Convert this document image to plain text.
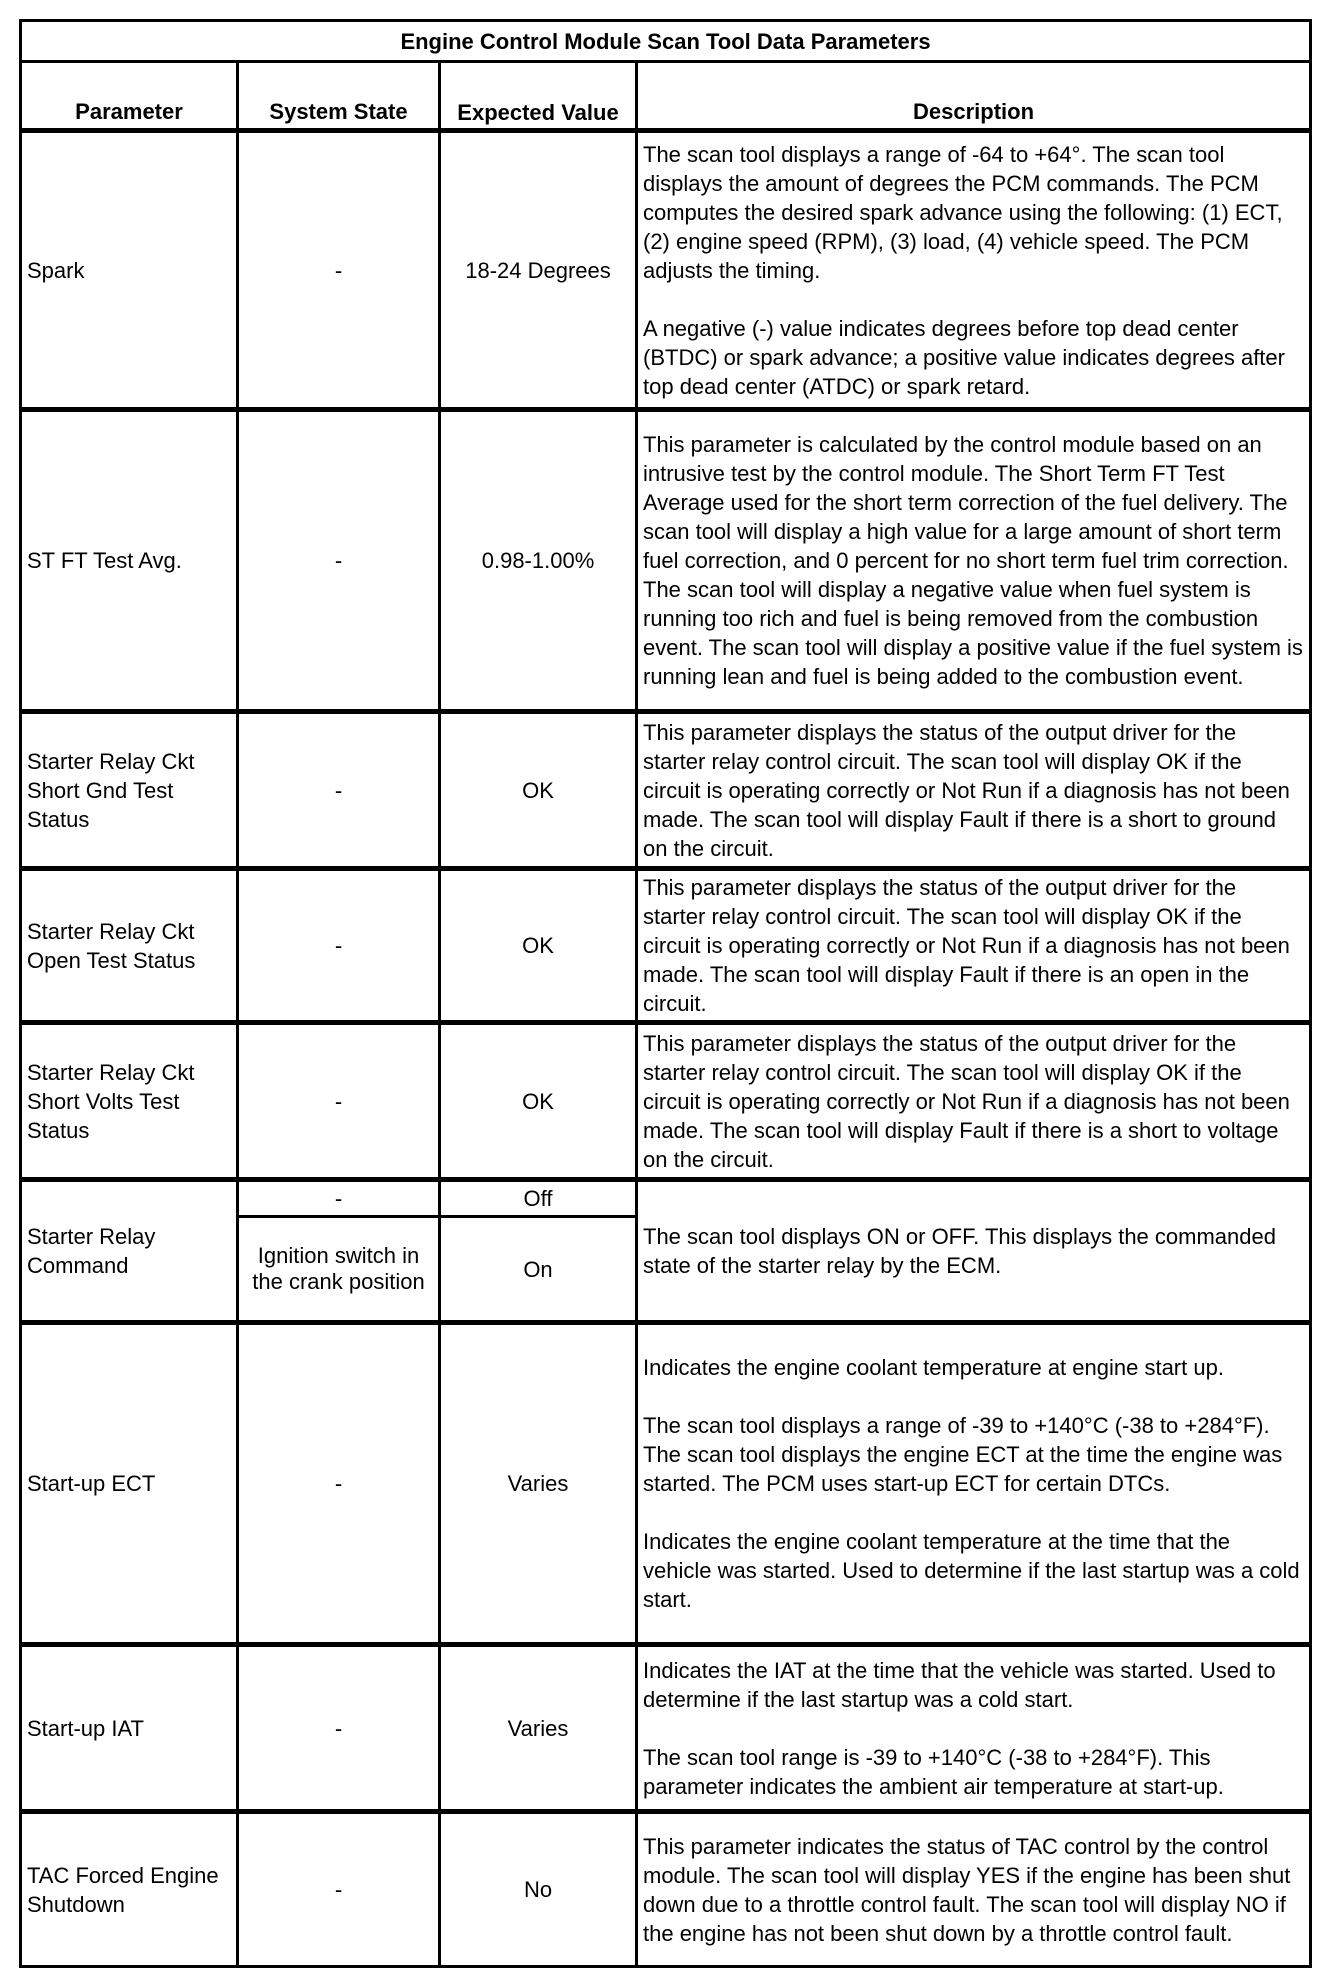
Engine Control Module Scan Tool Data Parameters			
Parameter	System State	Expected Value	Description
Spark	-	18-24 Degrees	The scan tool displays a range of -64 to +64°. The scan tool displays the amount of degrees the PCM commands. The PCM computes the desired spark advance using the following: (1) ECT, (2) engine speed (RPM), (3) load, (4) vehicle speed. The PCM adjusts the timing.

A negative (-) value indicates degrees before top dead center (BTDC) or spark advance; a positive value indicates degrees after top dead center (ATDC) or spark retard.

ST FT Test Avg.	-	0.98-1.00%	This parameter is calculated by the control module based on an intrusive test by the control module. The Short Term FT Test Average used for the short term correction of the fuel delivery. The scan tool will display a high value for a large amount of short term fuel correction, and 0 percent for no short term fuel trim correction. The scan tool will display a negative value when fuel system is running too rich and fuel is being removed from the combustion event. The scan tool will display a positive value if the fuel system is running lean and fuel is being added to the combustion event.

Starter Relay Ckt Short Gnd Test Status	-	OK	This parameter displays the status of the output driver for the starter relay control circuit. The scan tool will display OK if the circuit is operating correctly or Not Run if a diagnosis has not been made. The scan tool will display Fault if there is a short to ground on the circuit.

Starter Relay Ckt Open Test Status	-	OK	This parameter displays the status of the output driver for the starter relay control circuit. The scan tool will display OK if the circuit is operating correctly or Not Run if a diagnosis has not been made. The scan tool will display Fault if there is an open in the circuit.

Starter Relay Ckt Short Volts Test Status	-	OK	This parameter displays the status of the output driver for the starter relay control circuit. The scan tool will display OK if the circuit is operating correctly or Not Run if a diagnosis has not been made. The scan tool will display Fault if there is a short to voltage on the circuit.

Starter Relay Command	-	Off	The scan tool displays ON or OFF. This displays the commanded state of the starter relay by the ECM.

	Ignition switch in the crank position	On	
Start-up ECT	-	Varies	Indicates the engine coolant temperature at engine start up.

The scan tool displays a range of -39 to +140°C (-38 to +284°F). The scan tool displays the engine ECT at the time the engine was started. The PCM uses start-up ECT for certain DTCs.

Indicates the engine coolant temperature at the time that the vehicle was started. Used to determine if the last startup was a cold start.

Start-up IAT	-	Varies	Indicates the IAT at the time that the vehicle was started. Used to determine if the last startup was a cold start.

The scan tool range is -39 to +140°C (-38 to +284°F). This parameter indicates the ambient air temperature at start-up.

TAC Forced Engine Shutdown	-	No	This parameter indicates the status of TAC control by the control module. The scan tool will display YES if the engine has been shut down due to a throttle control fault. The scan tool will display NO if the engine has not been shut down by a throttle control fault.
